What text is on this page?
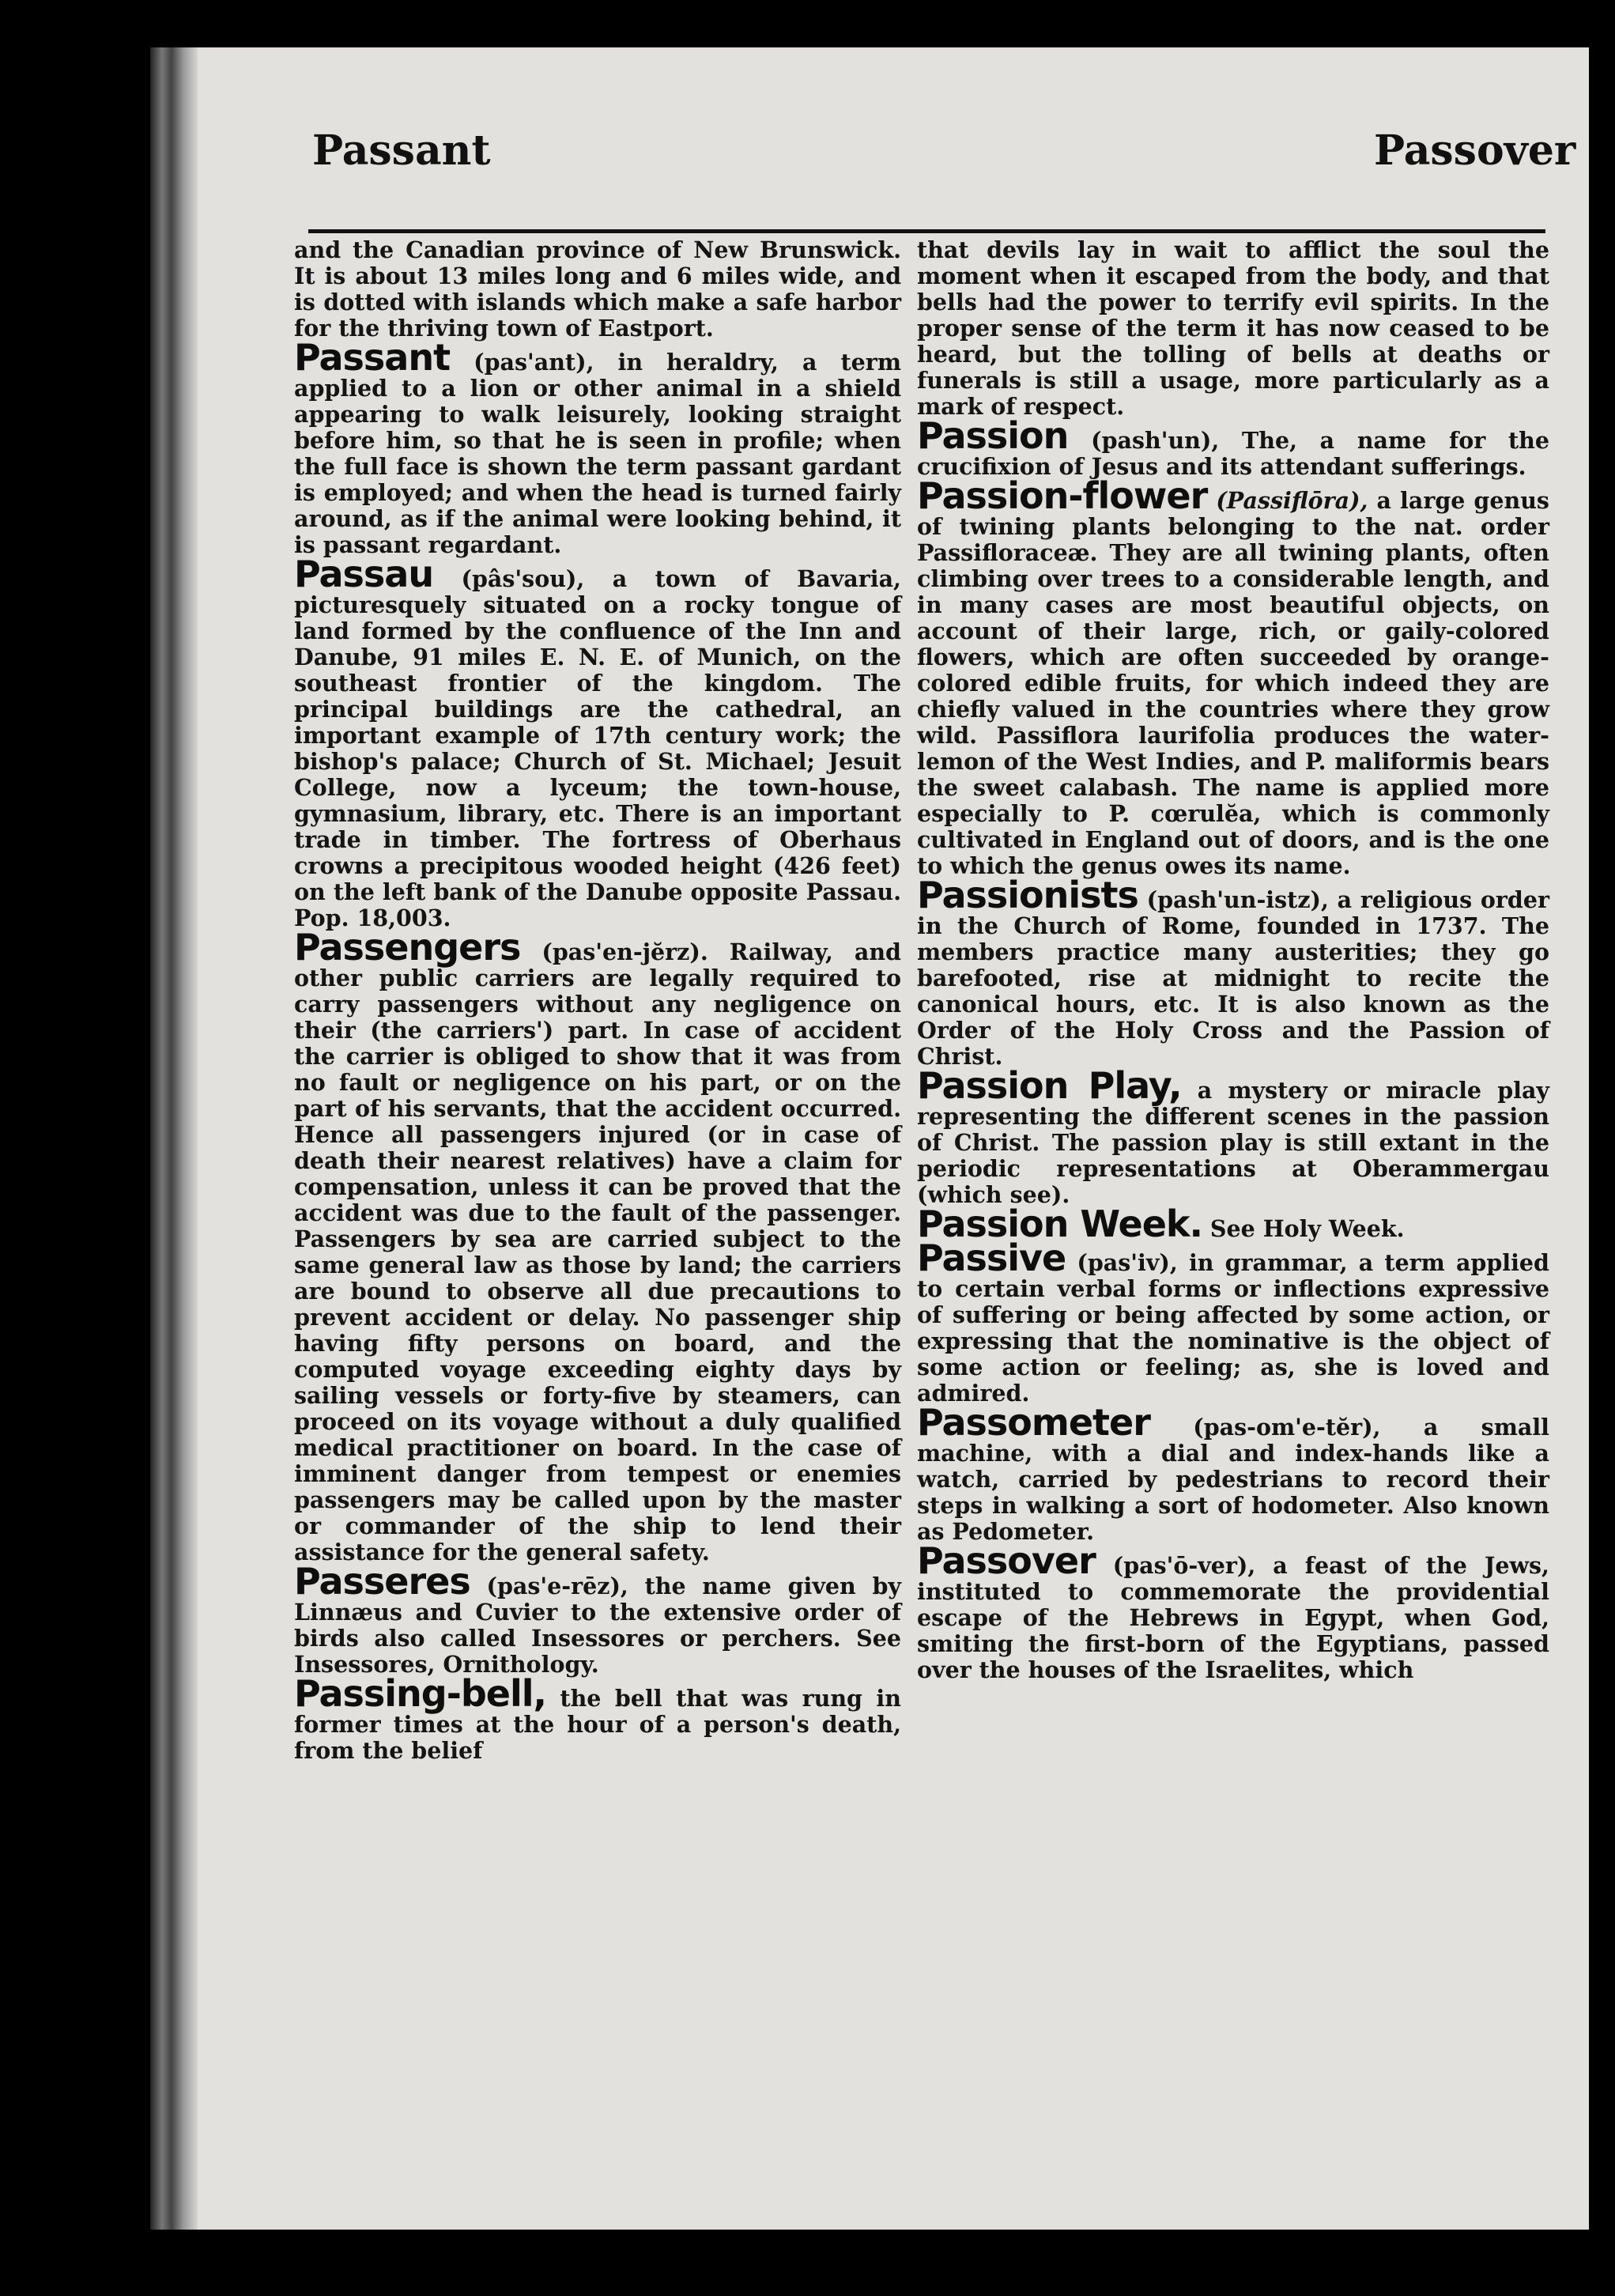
Passant	Passover

and the Canadian province of New Brunswick. It is about 13 miles long and 6 miles wide, and is dotted with islands which make a safe harbor for the thriving town of Eastport.

Passant (pas'ant), in heraldry, a term applied to a lion or other animal in a shield appearing to walk leisurely, looking straight before him, so that he is seen in profile; when the full face is shown the term passant gardant is employed; and when the head is turned fairly around, as if the animal were looking behind, it is passant regardant.

Passau (pâs'sou), a town of Bavaria, picturesquely situated on a rocky tongue of land formed by the confluence of the Inn and Danube, 91 miles E. N. E. of Munich, on the southeast frontier of the kingdom. The principal buildings are the cathedral, an important example of 17th century work; the bishop's palace; Church of St. Michael; Jesuit College, now a lyceum; the town-house, gymnasium, library, etc. There is an important trade in timber. The fortress of Oberhaus crowns a precipitous wooded height (426 feet) on the left bank of the Danube opposite Passau. Pop. 18,003.

Passengers (pas'en-jĕrz). Railway, and other public carriers are legally required to carry passengers without any negligence on their (the carriers') part. In case of accident the carrier is obliged to show that it was from no fault or negligence on his part, or on the part of his servants, that the accident occurred. Hence all passengers injured (or in case of death their nearest relatives) have a claim for compensation, unless it can be proved that the accident was due to the fault of the passenger. Passengers by sea are carried subject to the same general law as those by land; the carriers are bound to observe all due precautions to prevent accident or delay. No passenger ship having fifty persons on board, and the computed voyage exceeding eighty days by sailing vessels or forty-five by steamers, can proceed on its voyage without a duly qualified medical practitioner on board. In the case of imminent danger from tempest or enemies passengers may be called upon by the master or commander of the ship to lend their assistance for the general safety.

Passeres (pas'e-rēz), the name given by Linnæus and Cuvier to the extensive order of birds also called Insessores or perchers. See Insessores, Ornithology.

Passing-bell, the bell that was rung in former times at the hour of a person's death, from the belief

that devils lay in wait to afflict the soul the moment when it escaped from the body, and that bells had the power to terrify evil spirits. In the proper sense of the term it has now ceased to be heard, but the tolling of bells at deaths or funerals is still a usage, more particularly as a mark of respect.

Passion (pash'un), The, a name for the crucifixion of Jesus and its attendant sufferings.

Passion-flower (Passiflōra), a large genus of twining plants belonging to the nat. order Passifloraceæ. They are all twining plants, often climbing over trees to a considerable length, and in many cases are most beautiful objects, on account of their large, rich, or gaily-colored flowers, which are often succeeded by orange-colored edible fruits, for which indeed they are chiefly valued in the countries where they grow wild. Passiflora laurifolia produces the water-lemon of the West Indies, and P. maliformis bears the sweet calabash. The name is applied more especially to P. cœrulĕa, which is commonly cultivated in England out of doors, and is the one to which the genus owes its name.

Passionists (pash'un-istz), a religious order in the Church of Rome, founded in 1737. The members practice many austerities; they go barefooted, rise at midnight to recite the canonical hours, etc. It is also known as the Order of the Holy Cross and the Passion of Christ.

Passion Play, a mystery or miracle play representing the different scenes in the passion of Christ. The passion play is still extant in the periodic representations at Oberammergau (which see).

Passion Week. See Holy Week.

Passive (pas'iv), in grammar, a term applied to certain verbal forms or inflections expressive of suffering or being affected by some action, or expressing that the nominative is the object of some action or feeling; as, she is loved and admired.

Passometer (pas-om'e-tĕr), a small machine, with a dial and index-hands like a watch, carried by pedestrians to record their steps in walking a sort of hodometer. Also known as Pedometer.

Passover (pas'ō-ver), a feast of the Jews, instituted to commemorate the providential escape of the Hebrews in Egypt, when God, smiting the first-born of the Egyptians, passed over the houses of the Israelites, which
